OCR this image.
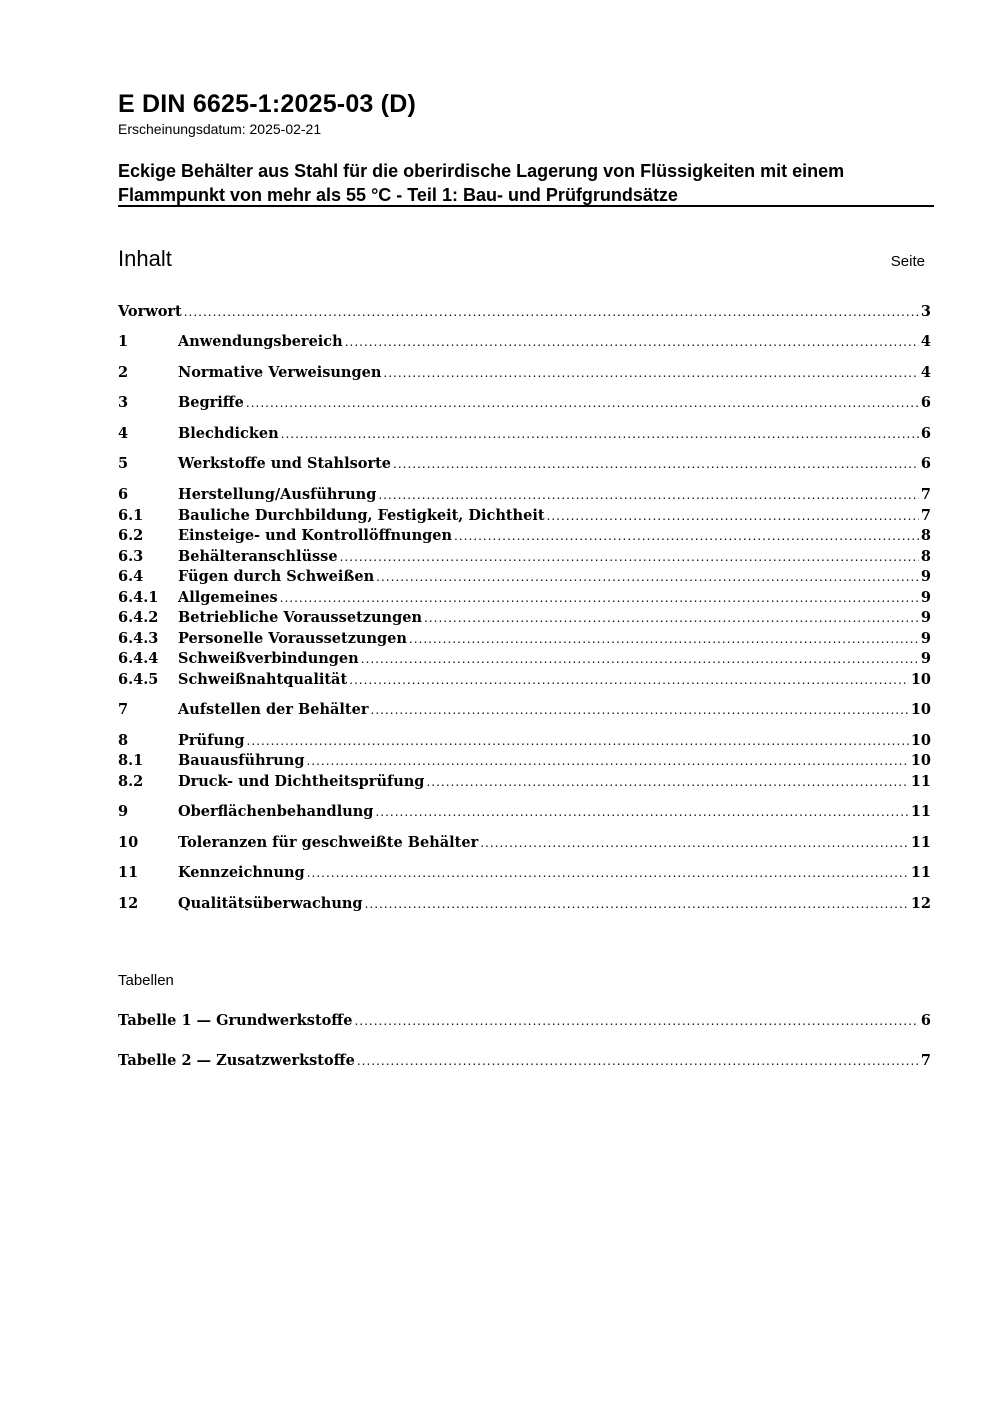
E DIN 6625-1:2025-03 (D)
Erscheinungsdatum: 2025-02-21
Eckige Behälter aus Stahl für die oberirdische Lagerung von Flüssigkeiten mit einem Flammpunkt von mehr als 55 °C - Teil 1: Bau- und Prüfgrundsätze
Inhalt	Seite
Vorwort .....	3
1	Anwendungsbereich .....	4
2	Normative Verweisungen .....	4
3	Begriffe .....	6
4	Blechdicken .....	6
5	Werkstoffe und Stahlsorte .....	6
6	Herstellung/Ausführung .....	7
6.1	Bauliche Durchbildung, Festigkeit, Dichtheit .....	7
6.2	Einsteige- und Kontrollöffnungen .....	8
6.3	Behälteranschlüsse .....	8
6.4	Fügen durch Schweißen .....	9
6.4.1	Allgemeines .....	9
6.4.2	Betriebliche Voraussetzungen .....	9
6.4.3	Personelle Voraussetzungen .....	9
6.4.4	Schweißverbindungen .....	9
6.4.5	Schweißnahtqualität .....	10
7	Aufstellen der Behälter .....	10
8	Prüfung .....	10
8.1	Bauausführung .....	10
8.2	Druck- und Dichtheitsprüfung .....	11
9	Oberflächenbehandlung .....	11
10	Toleranzen für geschweißte Behälter .....	11
11	Kennzeichnung .....	11
12	Qualitätsüberwachung .....	12
Tabelle 1 — Grundwerkstoffe .....	6
Tabelle 2 — Zusatzwerkstoffe .....	7
Tabellen
